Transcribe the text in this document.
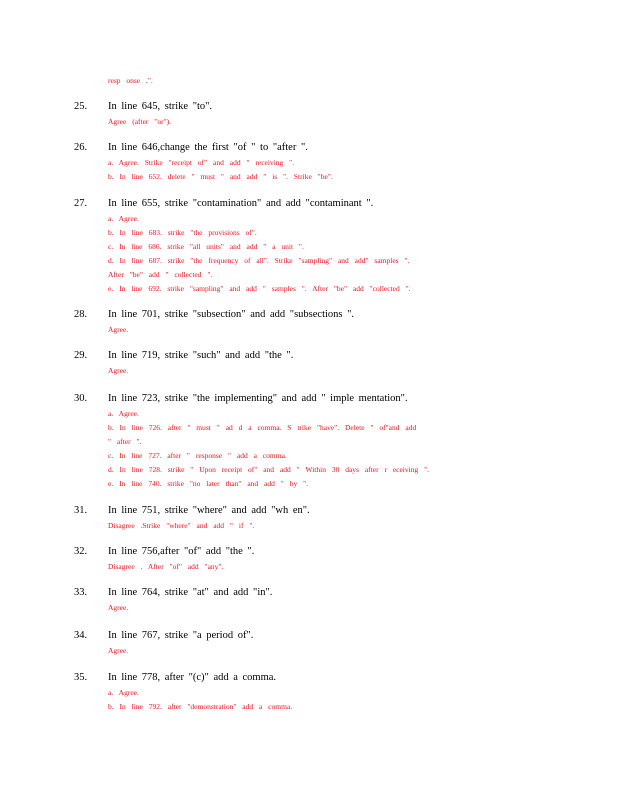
resp onse ,".
25. In line 645, strike "to".
Agree (after "or").
26. In line 646,change the first "of " to "after ".
a. Agree. Strike "receipt of" and add " receiving ".
b. In line 652. delete " must " and add " is ". Strike "be".
27. In line 655, strike "contamination" and add "contaminant ".
a. Agree.
b. In line 683. strike "the provisions of".
c. In line 686. strike "all units" and add " a unit ".
d. In line 687. strike "the frequency of all". Strike "sampling" and add" samples ".
After "be" add " collected ".
e. In line 692. strike "sampling" and add " samples ". After "be" add "collected ".
28. In line 701, strike "subsection" and add "subsections ".
Agree.
29. In line 719, strike "such" and add "the ".
Agree.
30. In line 723, strike "the implementing" and add " imple mentation".
a. Agree.
b. In line 726. after " must " ad d a comma. S trike "have". Delete " of"and add
" after ".
c. In line 727. after " response " add a comma.
d. In line 728. strike " Upon receipt of" and add " Within 30 days after r eceiving ".
e. In line 740. strike "no later than" and add " by ".
31. In line 751, strike "where" and add "wh en".
Disagree .Strike "where" and add " if ".
32. In line 756,after "of" add "the ".
Disagree . After "of" add "any".
33. In line 764, strike "at" and add "in".
Agree.
34. In line 767, strike "a period of".
Agree.
35. In line 778, after "(c)" add a comma.
a. Agree.
b. In line 792. after "demonstration" add a comma.
